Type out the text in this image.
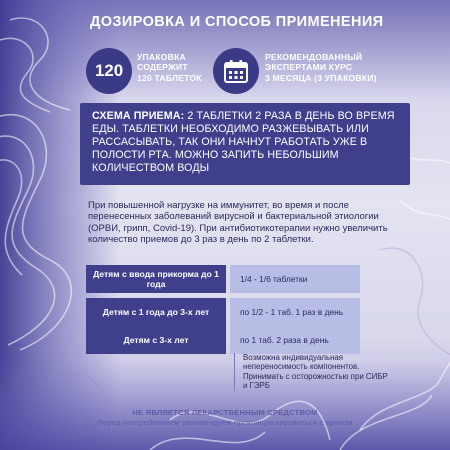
ДОЗИРОВКА И СПОСОБ ПРИМЕНЕНИЯ
120
УПАКОВКА
СОДЕРЖИТ
120 ТАБЛЕТОК
РЕКОМЕНДОВАННЫЙ
ЭКСПЕРТАМИ КУРС
3 МЕСЯЦА (3 УПАКОВКИ)
СХЕМА ПРИЕМА: 2 ТАБЛЕТКИ 2 РАЗА В ДЕНЬ ВО ВРЕМЯ ЕДЫ. ТАБЛЕТКИ НЕОБХОДИМО РАЗЖЕВЫВАТЬ ИЛИ РАССАСЫВАТЬ, ТАК ОНИ НАЧНУТ РАБОТАТЬ УЖЕ В ПОЛОСТИ РТА. МОЖНО ЗАПИТЬ НЕБОЛЬШИМ КОЛИЧЕСТВОМ ВОДЫ
При повышенной нагрузке на иммунитет, во время и после перенесенных заболеваний вирусной и бактериальной этиологии (ОРВИ, грипп, Covid-19). При антибиотикотерапии нужно увеличить количество приемов до 3 раз в день по 2 таблетки.
Детям с ввода прикорма до 1 года
1/4 - 1/6 таблетки
Детям с 1 года до 3-х лет	по 1/2 - 1 таб. 1 раз в день
Детям с 3-х лет	по 1 таб. 2 раза в день
Возможна индивидуальная непереносимость компонентов. Принимать с осторожностью при СИБР и ГЭРБ
НЕ ЯВЛЯЕТСЯ ЛЕКАРСТВЕННЫМ СРЕДСТВОМ
Перед употреблением рекомендуем проконсультироваться с врачом
